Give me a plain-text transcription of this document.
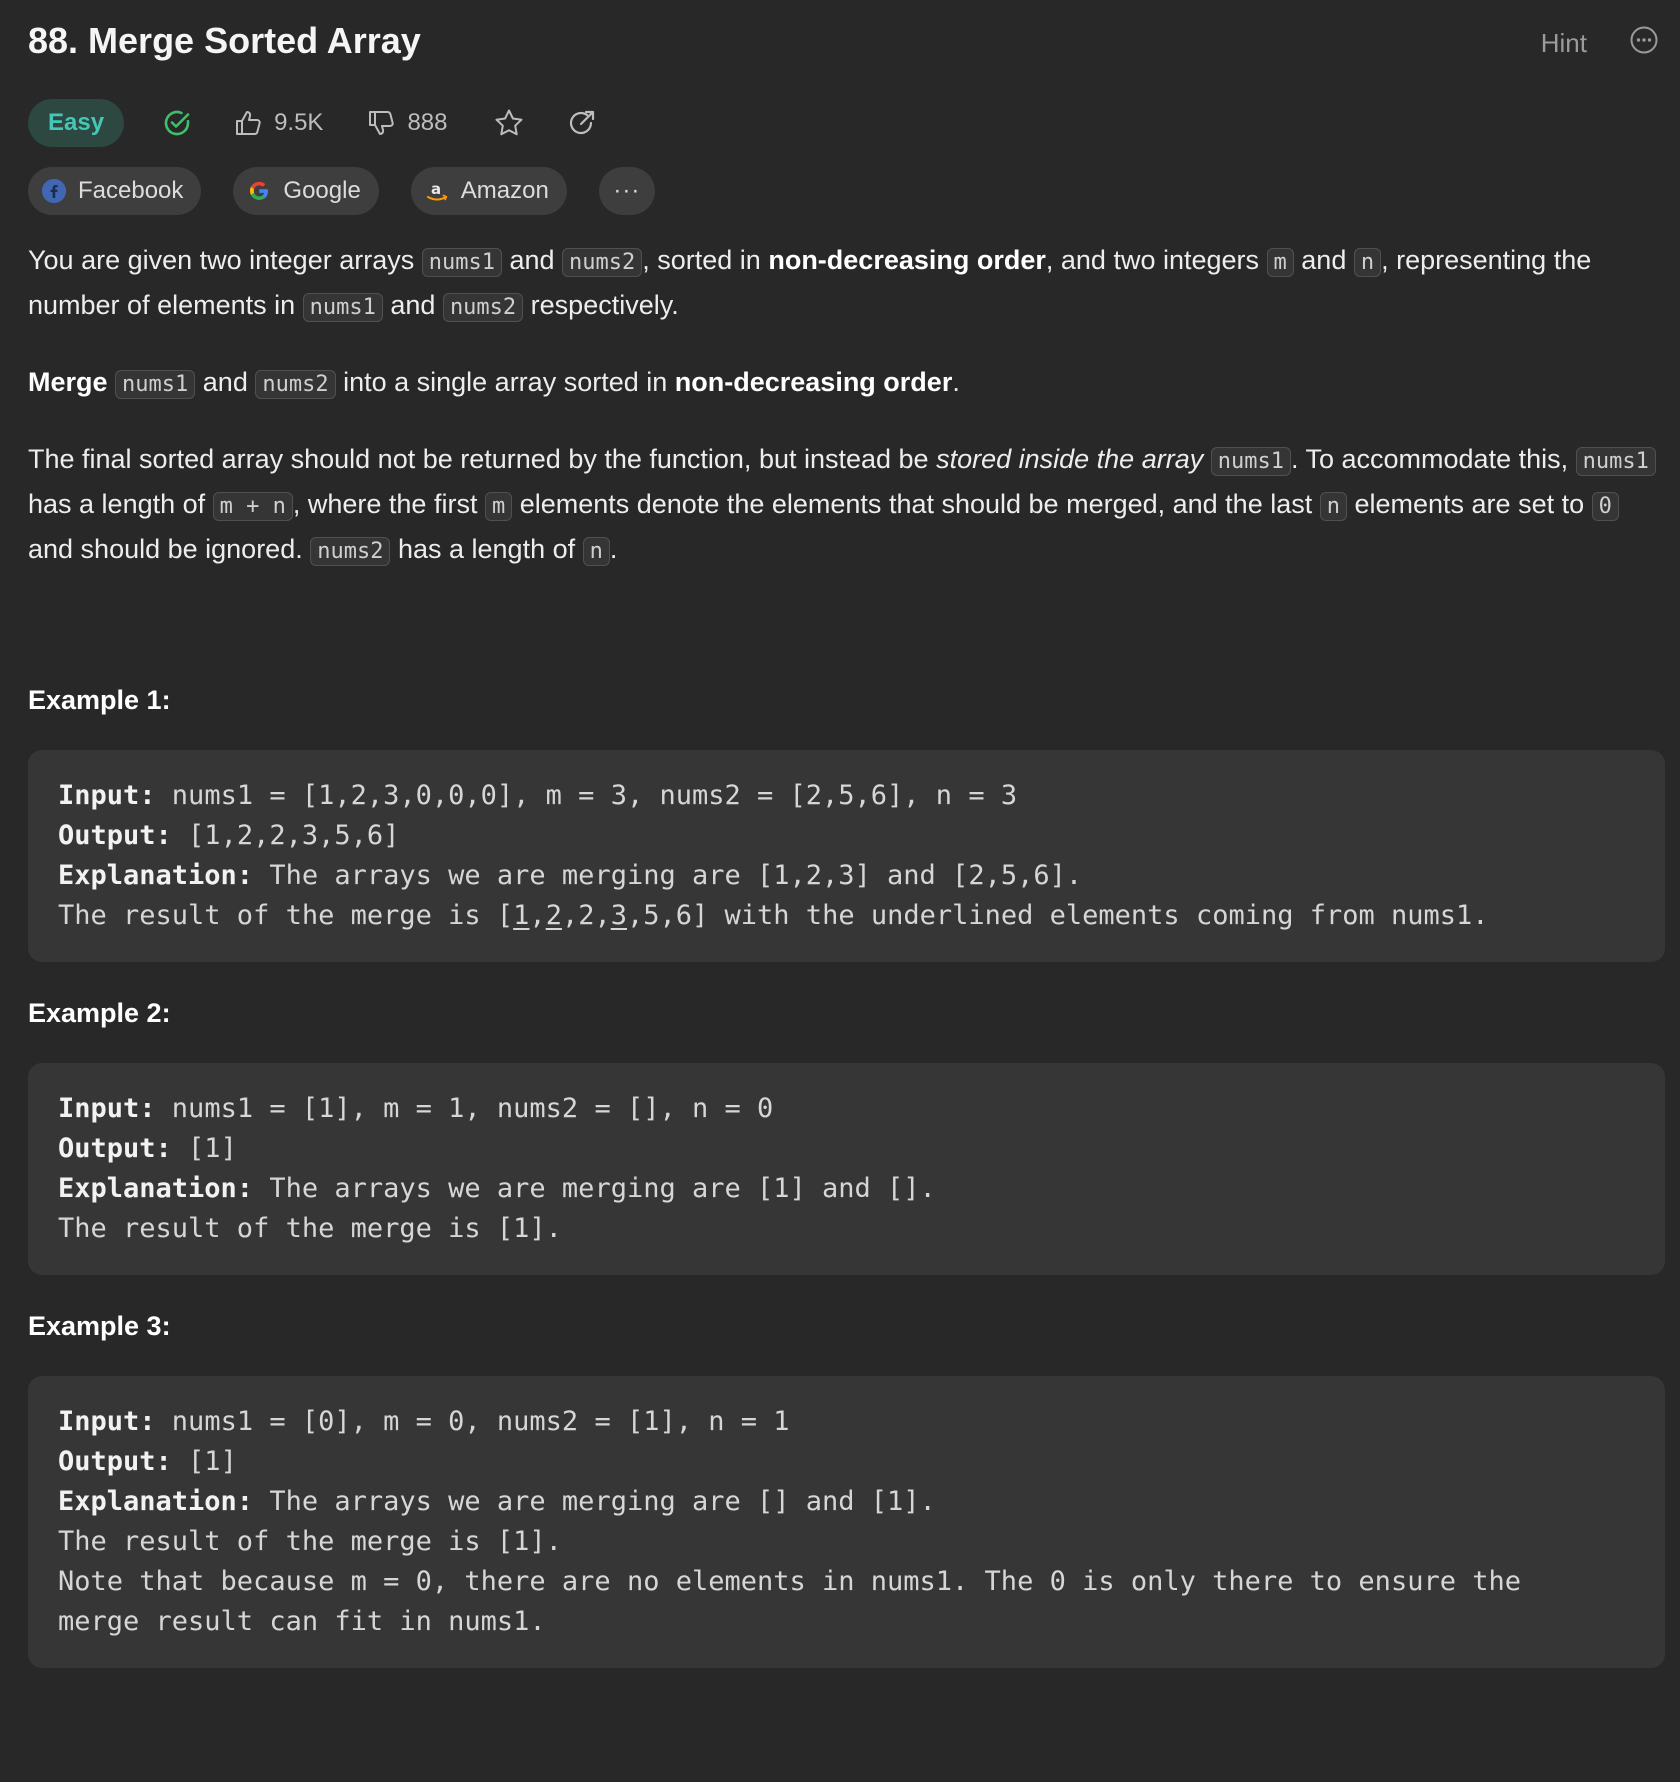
88. Merge Sorted Array	Hint
Easy	9.5K	888
Facebook	Google	a Amazon	···

You are given two integer arrays nums1 and nums2 , sorted in non-decreasing order, and two integers m and n , representing the number of elements in nums1 and nums2 respectively.

Merge nums1 and nums2 into a single array sorted in non-decreasing order.

The final sorted array should not be returned by the function, but instead be stored inside the array nums1 . To accommodate this, nums1 has a length of m + n , where the first m elements denote the elements that should be merged, and the last n elements are set to 0 and should be ignored. nums2 has a length of n .

Example 1:
Input: nums1 = [1,2,3,0,0,0], m = 3, nums2 = [2,5,6], n = 3
Output: [1,2,2,3,5,6]
Explanation: The arrays we are merging are [1,2,3] and [2,5,6].
The result of the merge is [1,2,2,3,5,6] with the underlined elements coming from nums1.
Example 2:
Input: nums1 = [1], m = 1, nums2 = [], n = 0
Output: [1]
Explanation: The arrays we are merging are [1] and [].
The result of the merge is [1].
Example 3:
Input: nums1 = [0], m = 0, nums2 = [1], n = 1
Output: [1]
Explanation: The arrays we are merging are [] and [1].
The result of the merge is [1].
Note that because m = 0, there are no elements in nums1. The 0 is only there to ensure the
merge result can fit in nums1.
